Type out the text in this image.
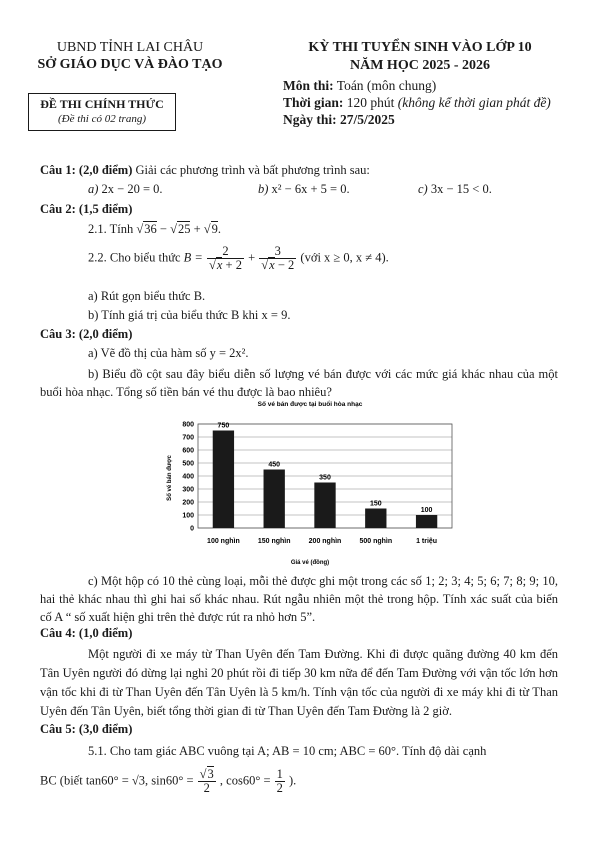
UBND TỈNH LAI CHÂU
SỞ GIÁO DỤC VÀ ĐÀO TẠO
ĐỀ THI CHÍNH THỨC
(Đề thi có 02 trang)
KỲ THI TUYỂN SINH VÀO LỚP 10
NĂM HỌC 2025 - 2026
Môn thi: Toán (môn chung)
Thời gian: 120 phút (không kể thời gian phát đề)
Ngày thi: 27/5/2025
Câu 1: (2,0 điểm) Giải các phương trình và bất phương trình sau:
a) 2x − 20 = 0.	b) x² − 6x + 5 = 0.	c) 3x − 15 < 0.
Câu 2: (1,5 điểm)
2.1. Tính √36 − √25 + √9.
2.2. Cho biểu thức $B = \frac{2}{√x + 2} + \frac{3}{√x - 2}$ (với x ≥ 0, x ≠ 4).
a) Rút gọn biểu thức B.
b) Tính giá trị của biểu thức B khi x = 9.
Câu 3: (2,0 điểm)
a) Vẽ đồ thị của hàm số y = 2x².
b) Biểu đồ cột sau đây biểu diễn số lượng vé bán được với các mức giá khác nhau của một buổi hòa nhạc. Tổng số tiền bán vé thu được là bao nhiêu?
Số vé bán được tại buổi hòa nhạc
0
100
200
300
400
500
600
700
800	750
450
350
150
100
100 nghìn	150 nghìn	200 nghìn	500 nghìn	1 triệu
Số vé bán được
Giá vé (đồng)
c) Một hộp có 10 thẻ cùng loại, mỗi thẻ được ghi một trong các số 1; 2; 3; 4; 5; 6; 7; 8; 9; 10, hai thẻ khác nhau thì ghi hai số khác nhau. Rút ngẫu nhiên một thẻ trong hộp. Tính xác suất của biến cố A “ số xuất hiện ghi trên thẻ được rút ra nhỏ hơn 5”.
Câu 4: (1,0 điểm)
Một người đi xe máy từ Than Uyên đến Tam Đường. Khi đi được quãng đường 40 km đến Tân Uyên người đó dừng lại nghỉ 20 phút rồi đi tiếp 30 km nữa để đến Tam Đường với vận tốc lớn hơn vận tốc khi đi từ Than Uyên đến Tân Uyên là 5 km/h. Tính vận tốc của người đi xe máy khi đi từ Than Uyên đến Tân Uyên, biết tổng thời gian đi từ Than Uyên đến Tam Đường là 2 giờ.
Câu 5: (3,0 điểm)
5.1. Cho tam giác ABC vuông tại A; AB = 10 cm; ABC = 60°. Tính độ dài cạnh
BC (biết tan60° = √3, $\sin 60^\circ = \frac{√3}{2}$ , $\cos 60^\circ = \frac{1}{2}$ ).
